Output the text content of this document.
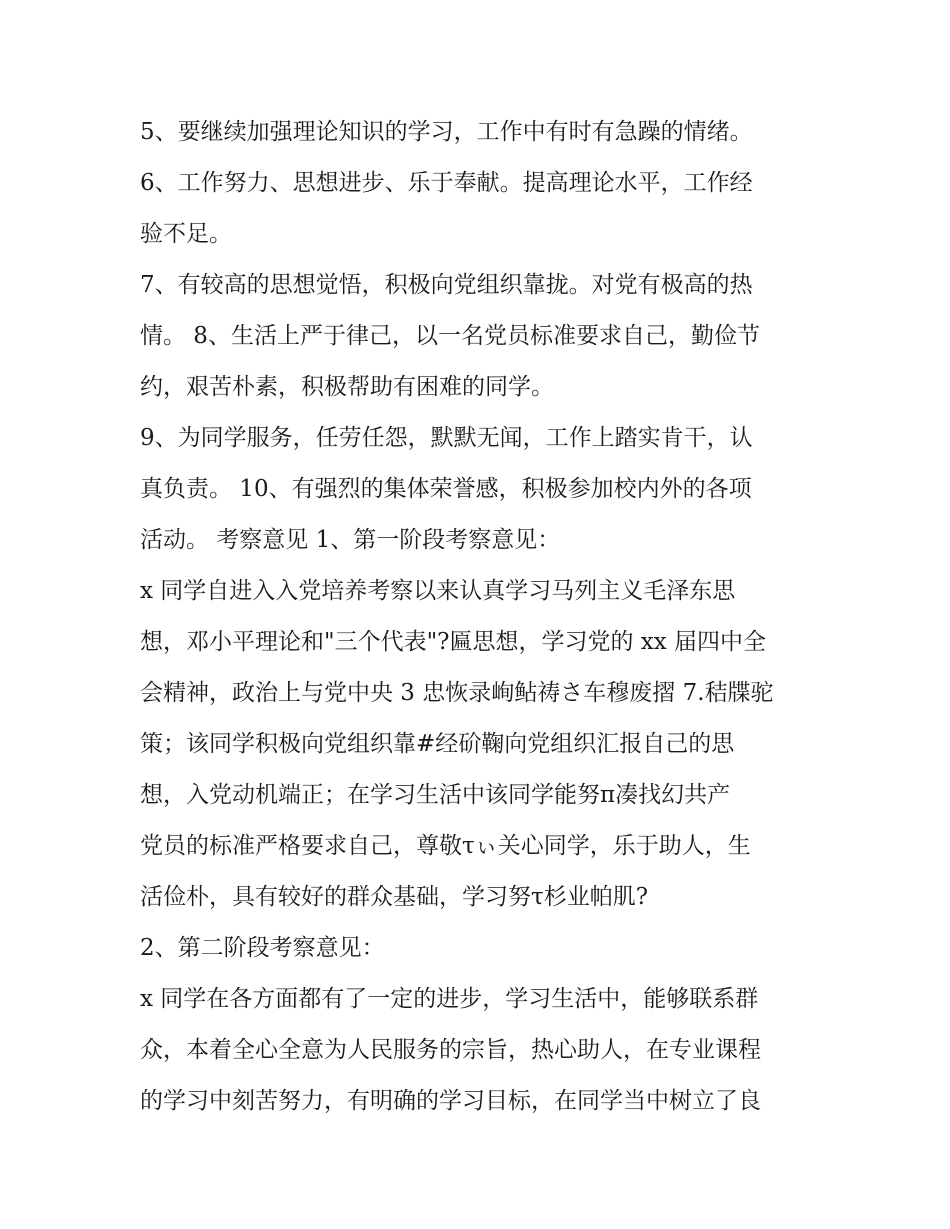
5、要继续加强理论知识的学习，工作中有时有急躁的情绪。
6、工作努力、思想进步、乐于奉献。提高理论水平，工作经
验不足。
7、有较高的思想觉悟，积极向党组织靠拢。对党有极高的热
情。 8、生活上严于律己，以一名党员标准要求自己，勤俭节
约，艰苦朴素，积极帮助有困难的同学。
9、为同学服务，任劳任怨，默默无闻，工作上踏实肯干，认
真负责。 10、有强烈的集体荣誉感，积极参加校内外的各项
活动。 考察意见 1、第一阶段考察意见：
x 同学自进入入党培养考察以来认真学习马列主义毛泽东思
想，邓小平理论和"三个代表"?匾思想，学习党的 xx 届四中全
会精神，政治上与党中央 3 忠恢录峋鲇祷さ车穆废摺 7.秸牒驼
策；该同学积极向党组织靠#经砎鞠向党组织汇报自己的思
想，入党动机端正；在学习生活中该同学能努π凑找幻共产
党员的标准严格要求自己，尊敬τぃ关心同学，乐于助人，生
活俭朴，具有较好的群众基础，学习努τ杉业帕肌?
2、第二阶段考察意见：
x 同学在各方面都有了一定的进步，学习生活中，能够联系群
众，本着全心全意为人民服务的宗旨，热心助人，在专业课程
的学习中刻苦努力，有明确的学习目标，在同学当中树立了良
